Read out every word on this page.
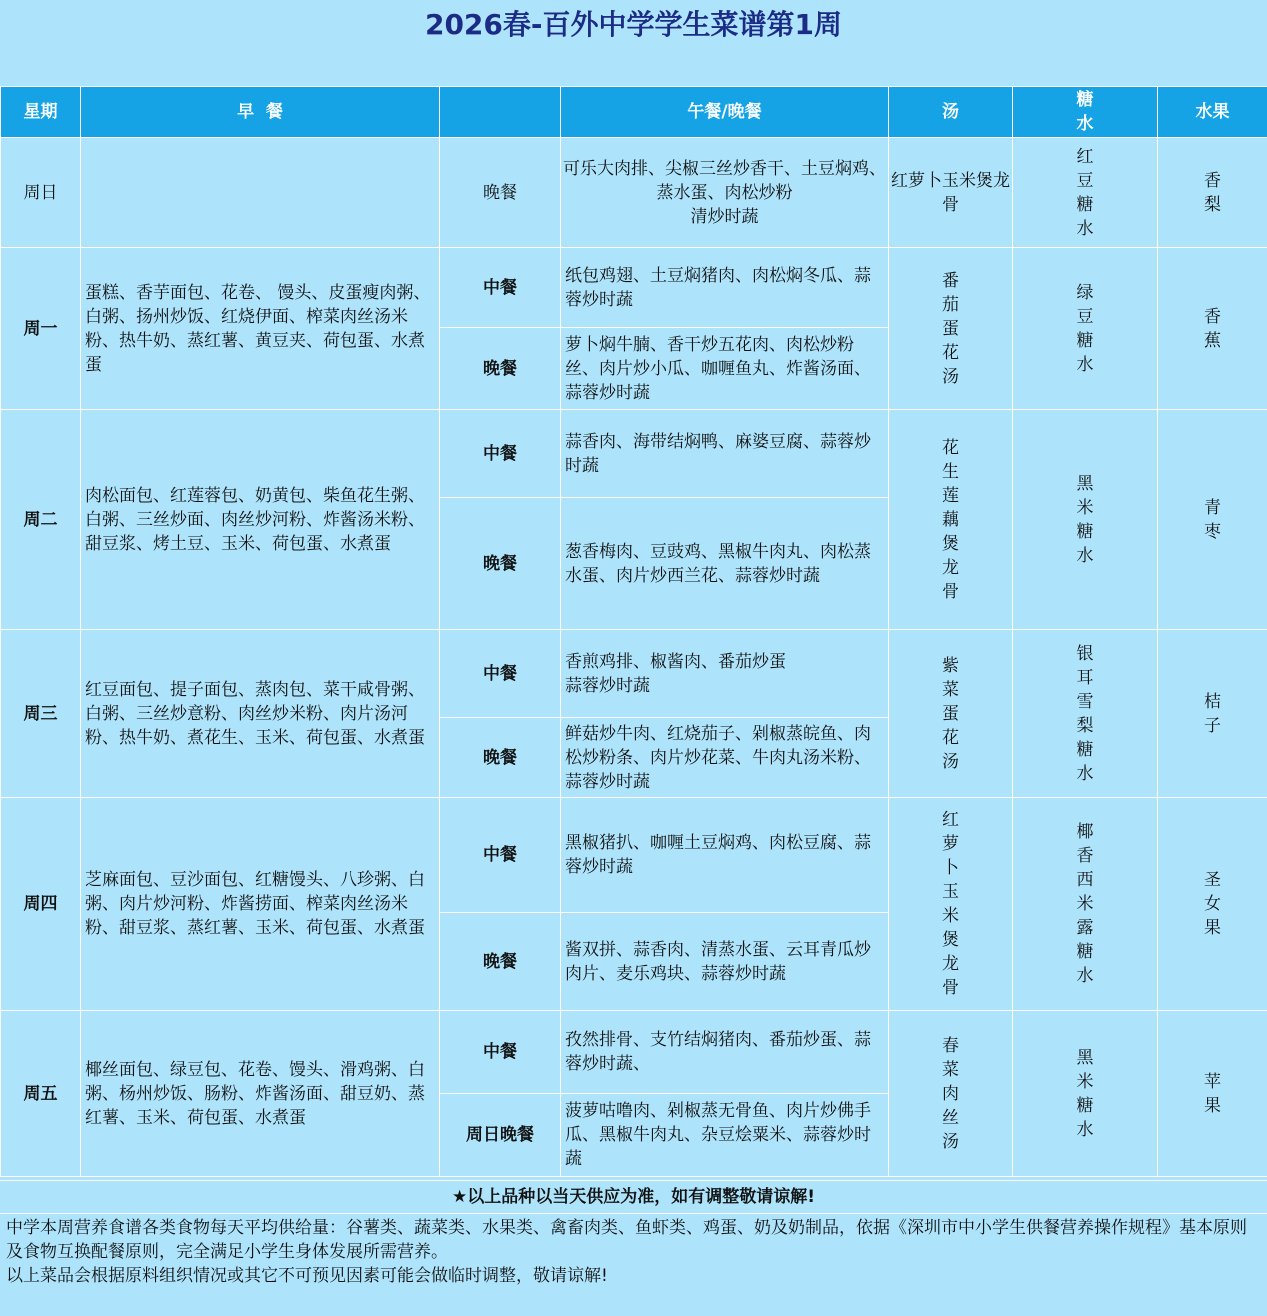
2026春-百外中学学生菜谱第1周
星期	早  餐		午餐/晚餐	汤	糖水	水果
周日		晚餐	可乐大肉排、尖椒三丝炒香干、土豆焖鸡、蒸水蛋、肉松炒粉
清炒时蔬	红萝卜玉米煲龙骨	红豆糖水	香梨
周一	蛋糕、香芋面包、花卷、 馒头、皮蛋瘦肉粥、白粥、扬州炒饭、红烧伊面、榨菜肉丝汤米粉、热牛奶、蒸红薯、黄豆夹、荷包蛋、水煮蛋	中餐	纸包鸡翅、土豆焖猪肉、肉松焖冬瓜、蒜蓉炒时蔬	番茄蛋花汤	绿豆糖水	香蕉
		晚餐	萝卜焖牛腩、香干炒五花肉、肉松炒粉丝、肉片炒小瓜、咖喱鱼丸、炸酱汤面、蒜蓉炒时蔬			
周二	肉松面包、红莲蓉包、奶黄包、柴鱼花生粥、白粥、三丝炒面、肉丝炒河粉、炸酱汤米粉、甜豆浆、烤土豆、玉米、荷包蛋、水煮蛋	中餐	蒜香肉、海带结焖鸭、麻婆豆腐、蒜蓉炒时蔬	花生莲藕煲龙骨	黑米糖水	青枣
		晚餐	葱香梅肉、豆豉鸡、黑椒牛肉丸、肉松蒸水蛋、肉片炒西兰花、蒜蓉炒时蔬			
周三	红豆面包、提子面包、蒸肉包、菜干咸骨粥、白粥、三丝炒意粉、肉丝炒米粉、肉片汤河粉、热牛奶、煮花生、玉米、荷包蛋、水煮蛋	中餐	香煎鸡排、椒酱肉、番茄炒蛋
蒜蓉炒时蔬	紫菜蛋花汤	银耳雪梨糖水	桔子
		晚餐	鲜菇炒牛肉、红烧茄子、剁椒蒸皖鱼、肉松炒粉条、肉片炒花菜、牛肉丸汤米粉、蒜蓉炒时蔬			
周四	芝麻面包、豆沙面包、红糖馒头、八珍粥、白粥、肉片炒河粉、炸酱捞面、榨菜肉丝汤米粉、甜豆浆、蒸红薯、玉米、荷包蛋、水煮蛋	中餐	黑椒猪扒、咖喱土豆焖鸡、肉松豆腐、蒜蓉炒时蔬	红萝卜玉米煲龙骨	椰香西米露糖水	圣女果
		晚餐	酱双拼、蒜香肉、清蒸水蛋、云耳青瓜炒肉片、麦乐鸡块、蒜蓉炒时蔬			
周五	椰丝面包、绿豆包、花卷、馒头、滑鸡粥、白粥、杨州炒饭、肠粉、炸酱汤面、甜豆奶、蒸红薯、玉米、荷包蛋、水煮蛋	中餐	孜然排骨、支竹结焖猪肉、番茄炒蛋、蒜蓉炒时蔬、	春菜肉丝汤	黑米糖水	苹果
		周日晚餐	菠萝咕噜肉、剁椒蒸无骨鱼、肉片炒佛手瓜、黑椒牛肉丸、杂豆烩粟米、蒜蓉炒时蔬			
★以上品种以当天供应为准，如有调整敬请谅解!

中学本周营养食谱各类食物每天平均供给量：谷薯类、蔬菜类、水果类、禽畜肉类、鱼虾类、鸡蛋、奶及奶制品，依据《深圳市中小学生供餐营养操作规程》基本原则及食物互换配餐原则，完全满足小学生身体发展所需营养。

以上菜品会根据原料组织情况或其它不可预见因素可能会做临时调整，敬请谅解!
